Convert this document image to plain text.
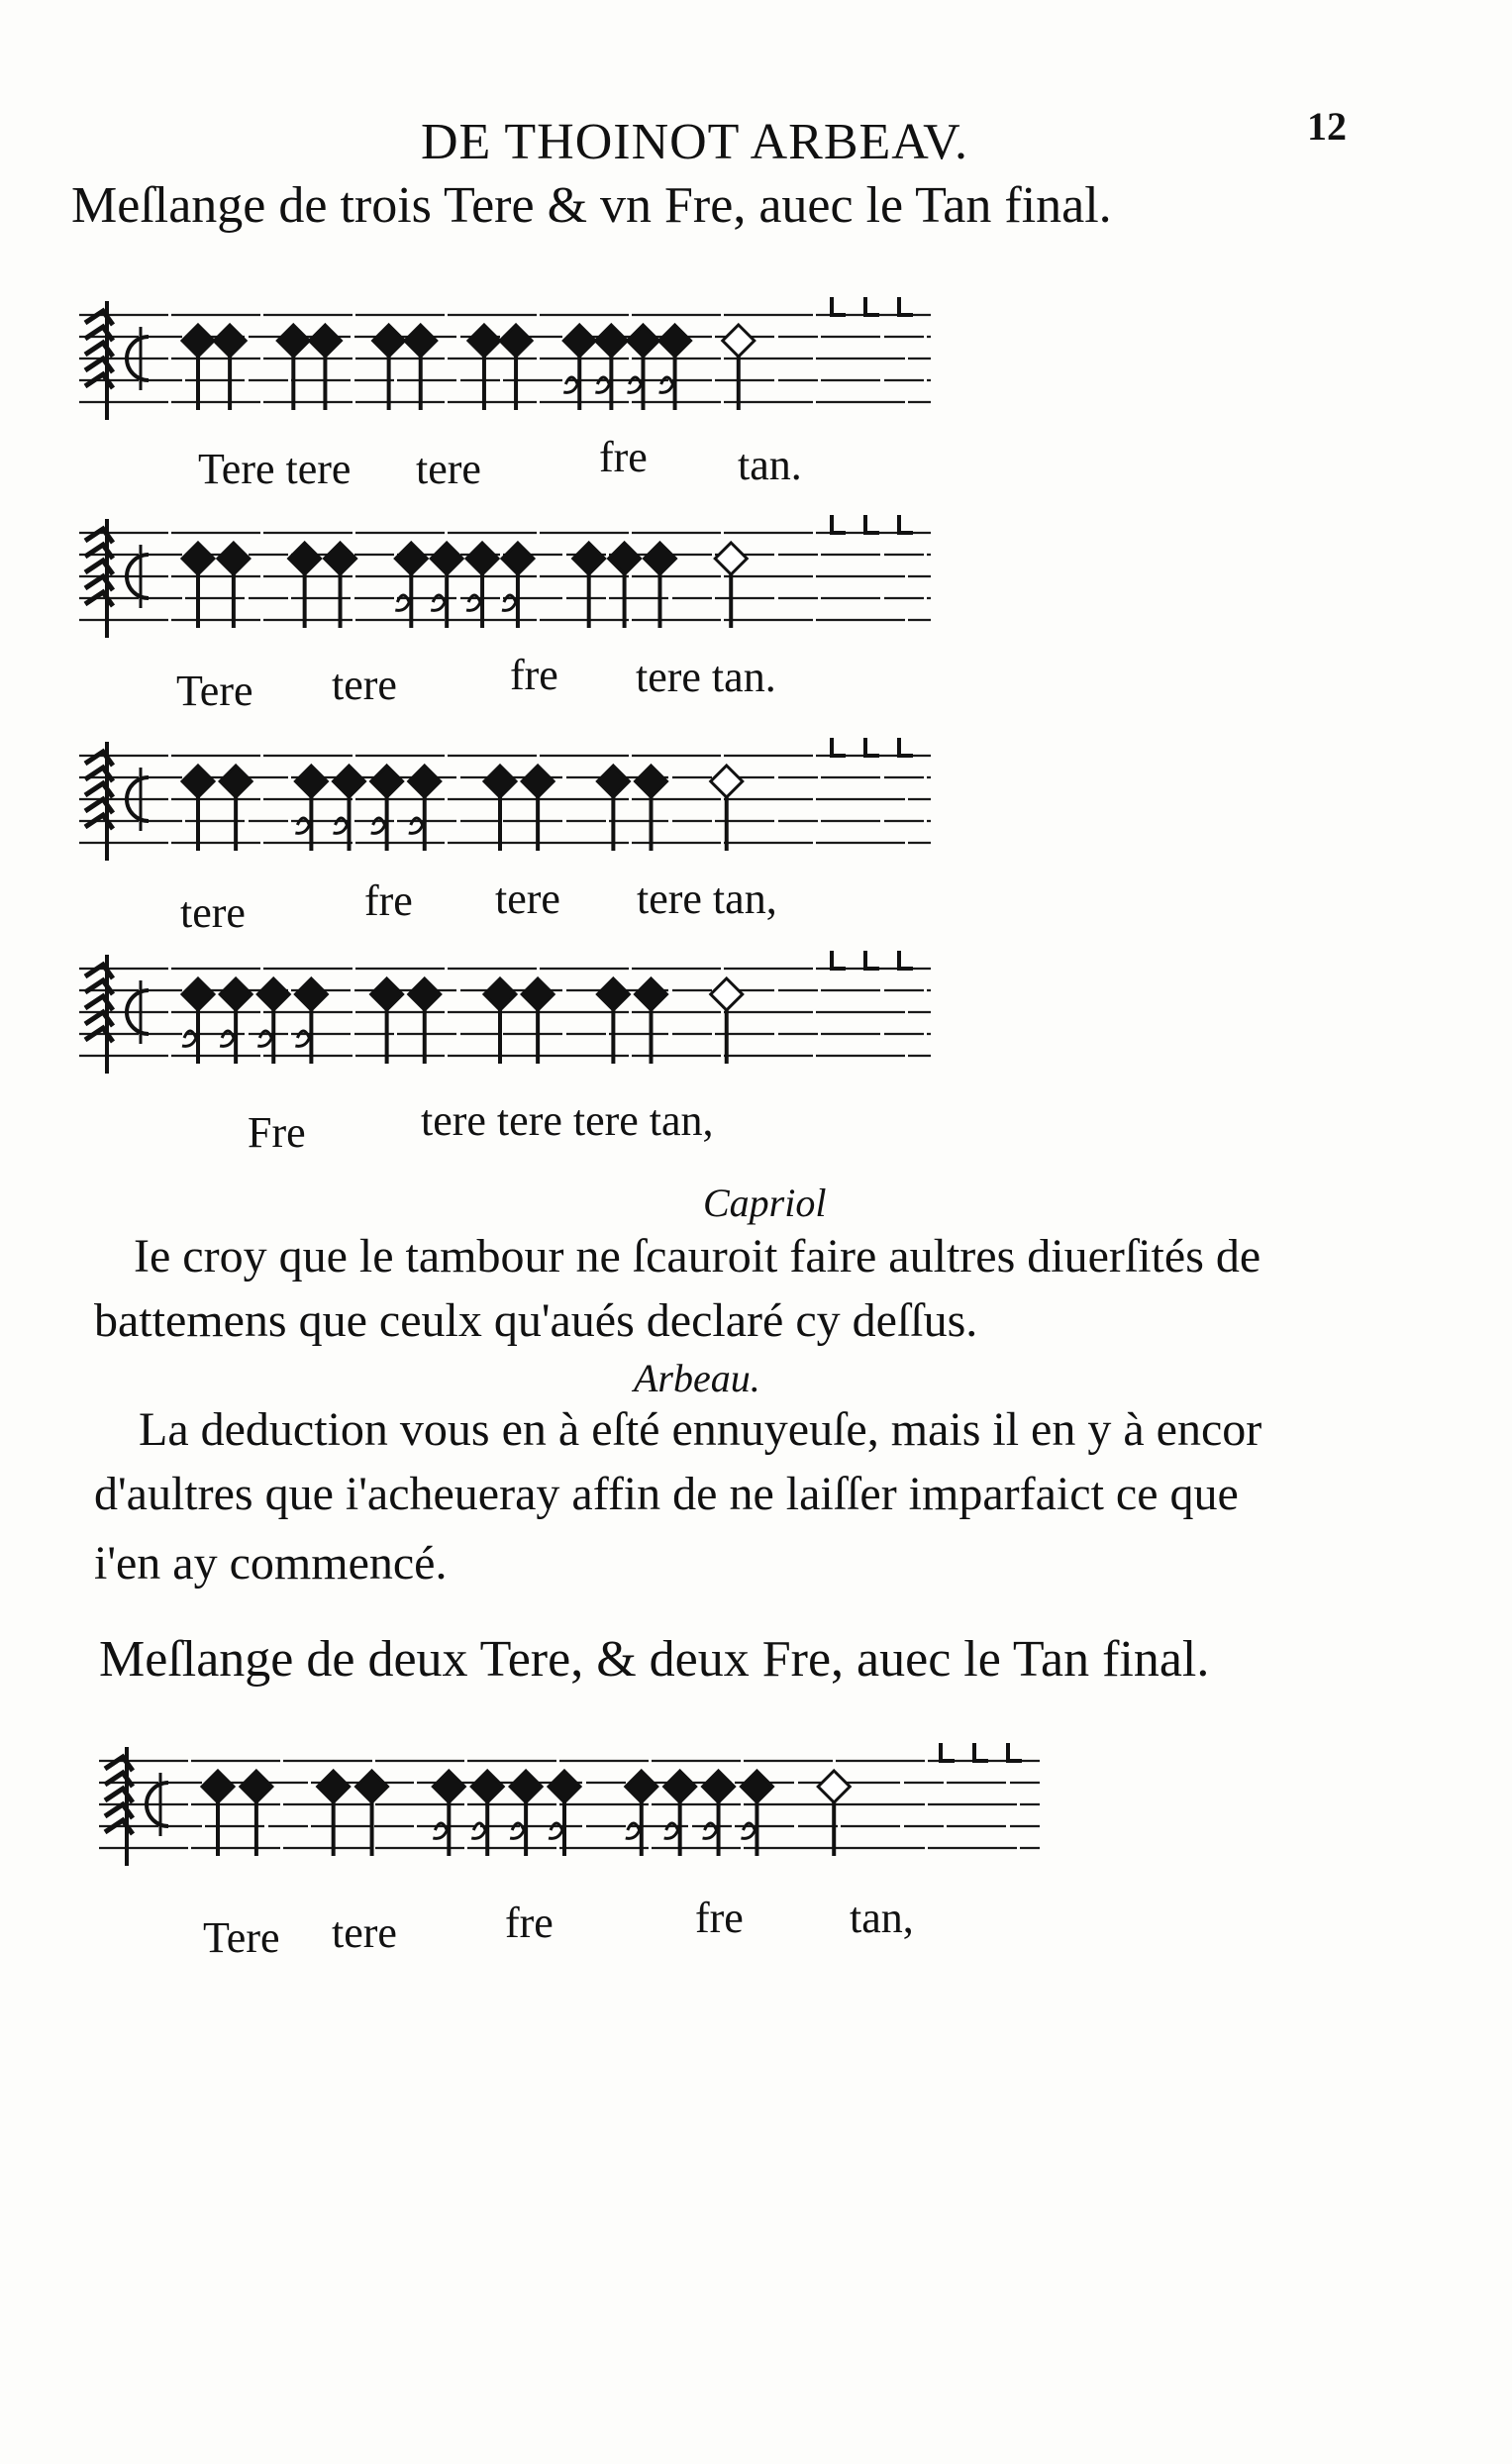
DE THOINOT ARBEAV.	12
Meſlange de trois Tere & vn Fre, auec le Tan final.
Tere tere tere	fre tan.
Tere tere	fre tere tan.
tere	fre tere tere tan,
Fre	tere tere tere tan,
Capriol
Ie croy que le tambour ne ſcauroit faire aultres diuerſités de
battemens que ceulx qu'aués declaré cy deſſus.
Arbeau.
La deduction vous en à eſté ennuyeuſe, mais il en y à encor
d'aultres que i'acheueray affin de ne laiſſer imparfaict ce que
i'en ay commencé.
Meſlange de deux Tere, & deux Fre, auec le Tan final.
Tere tere fre	fre tan,
